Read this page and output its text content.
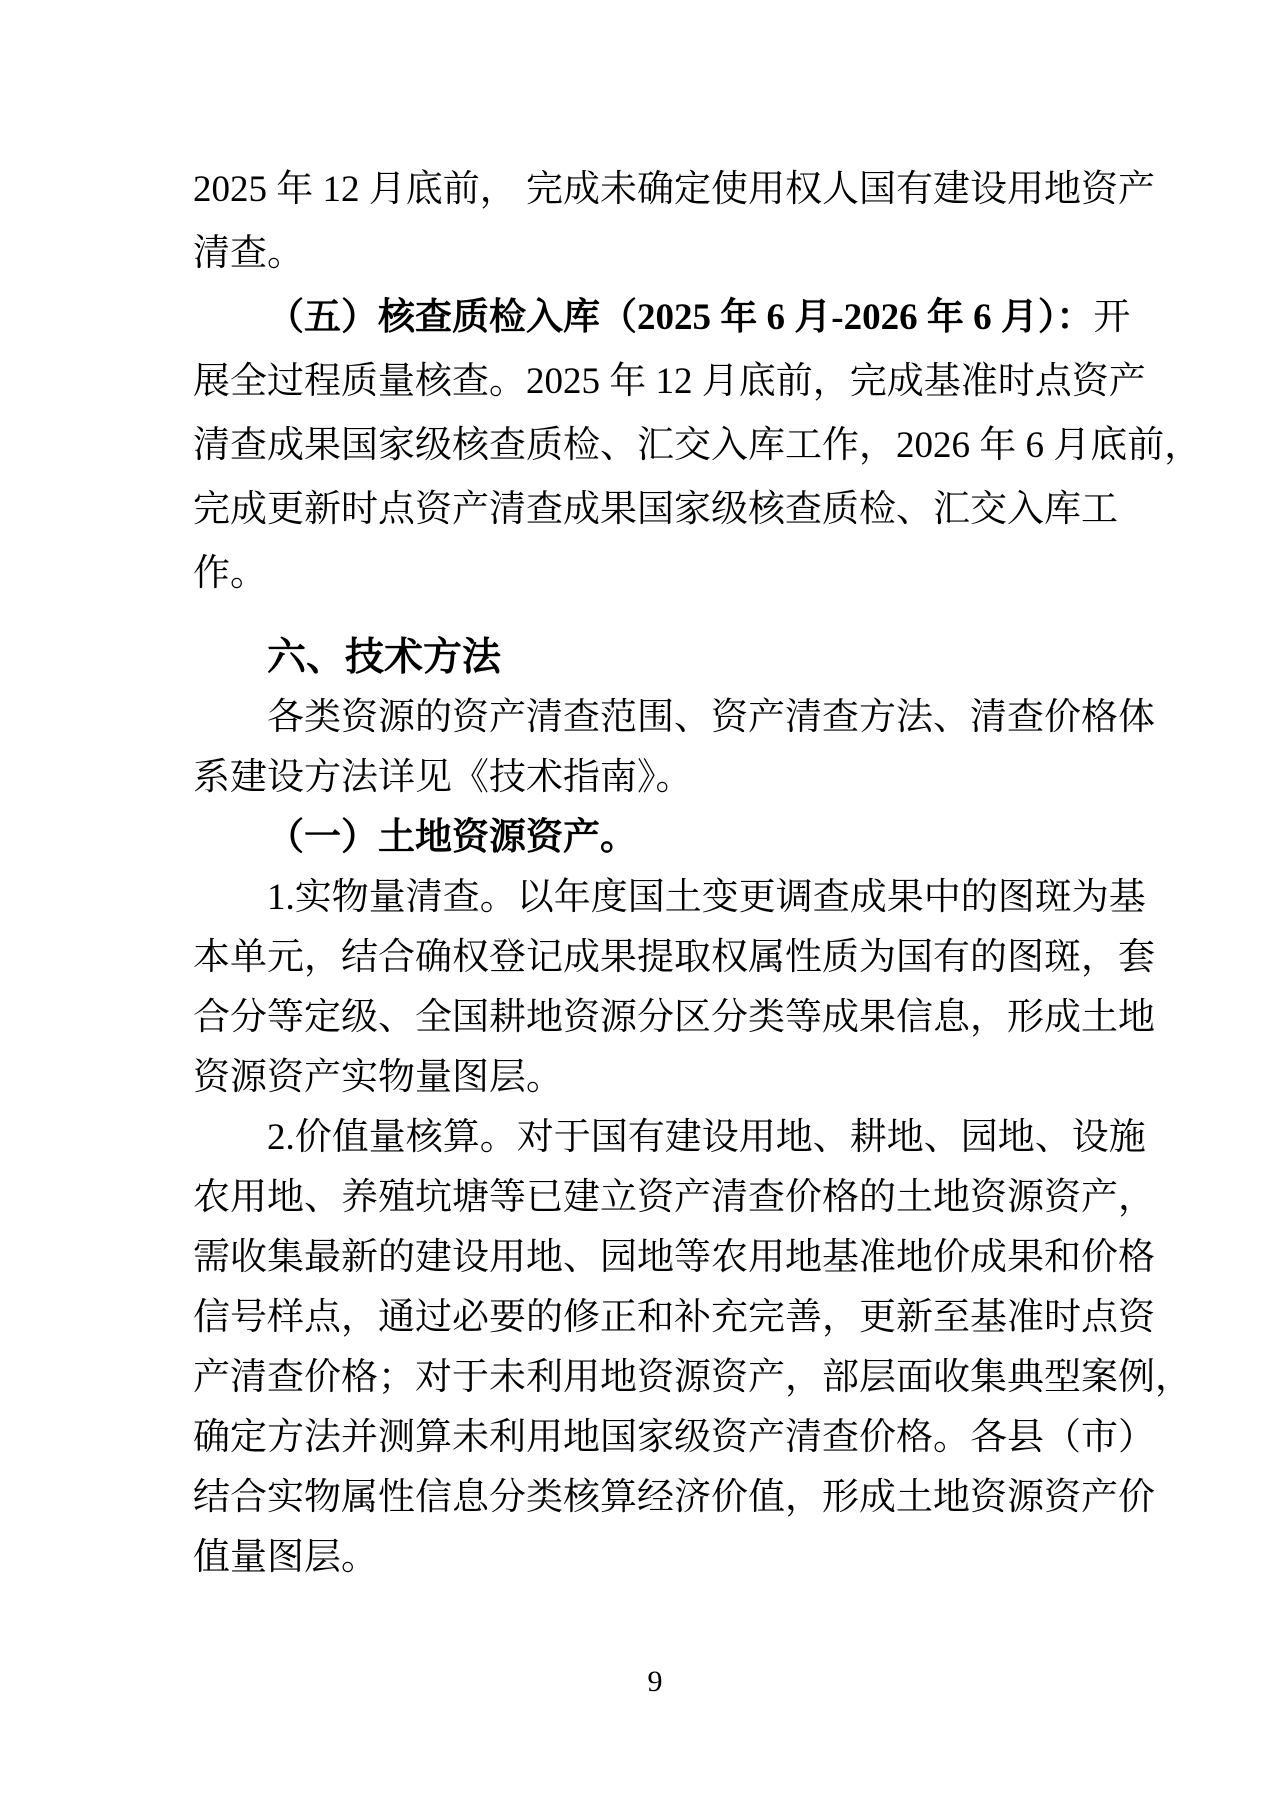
2025 年 12 月底前， 完成未确定使用权人国有建设用地资产
清查。
（五）核查质检入库（2025 年 6 月-2026 年 6 月）：开
展全过程质量核查。2025 年 12 月底前，完成基准时点资产
清查成果国家级核查质检、汇交入库工作，2026 年 6 月底前，
完成更新时点资产清查成果国家级核查质检、汇交入库工
作。
六、技术方法
各类资源的资产清查范围、资产清查方法、清查价格体
系建设方法详见《技术指南》。
（一）土地资源资产。
1.实物量清查。以年度国土变更调查成果中的图斑为基
本单元，结合确权登记成果提取权属性质为国有的图斑，套
合分等定级、全国耕地资源分区分类等成果信息，形成土地
资源资产实物量图层。
2.价值量核算。对于国有建设用地、耕地、园地、设施
农用地、养殖坑塘等已建立资产清查价格的土地资源资产，
需收集最新的建设用地、园地等农用地基准地价成果和价格
信号样点，通过必要的修正和补充完善，更新至基准时点资
产清查价格；对于未利用地资源资产，部层面收集典型案例，
确定方法并测算未利用地国家级资产清查价格。各县（市）
结合实物属性信息分类核算经济价值，形成土地资源资产价
值量图层。
9
